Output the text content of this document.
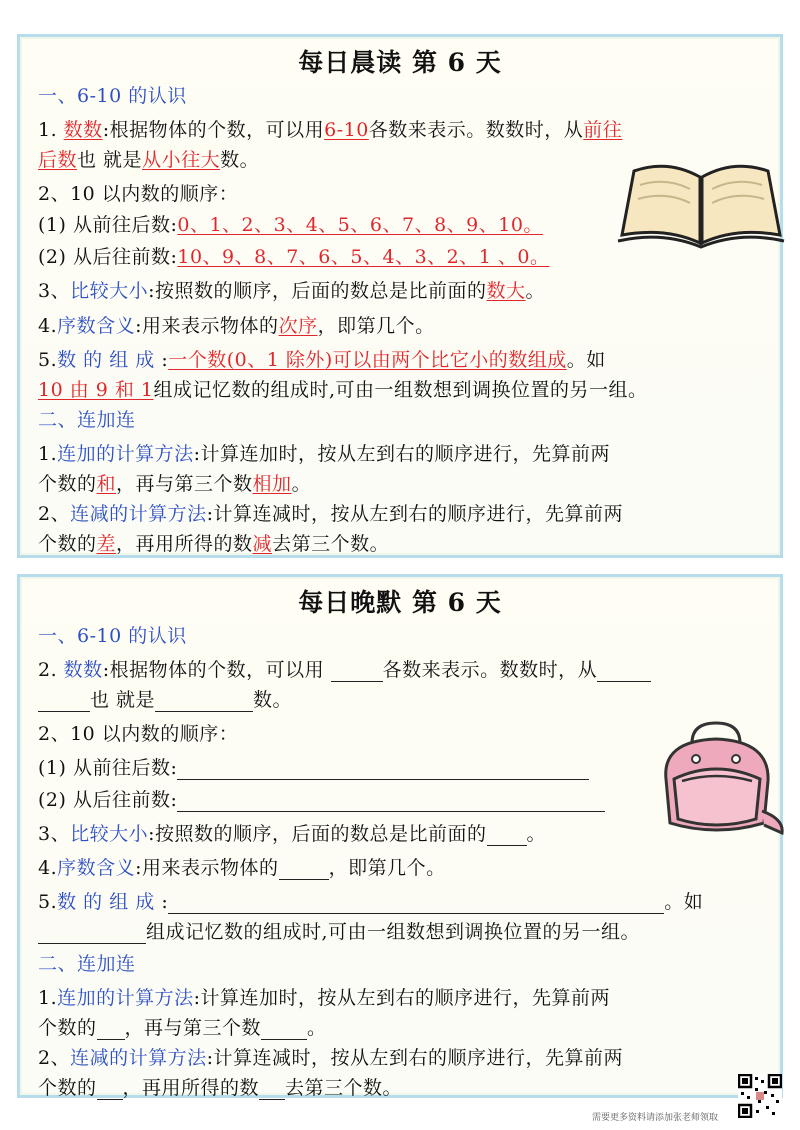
每日晨读 第 6 天
一、6-10 的认识
1. 数数:根据物体的个数，可以用6-10各数来表示。数数时，从前往
后数也 就是从小往大数。
2、10 以内数的顺序：
(1) 从前往后数:0、1、2、3、4、5、6、7、8、9、10。
(2) 从后往前数:10、9、8、7、6、5、4、3、2、1 、0。
3、比较大小:按照数的顺序，后面的数总是比前面的数大。
4.序数含义:用来表示物体的次序，即第几个。
5.数 的 组 成 :一个数(0、1 除外)可以由两个比它小的数组成。如
10 由 9 和 1组成记忆数的组成时,可由一组数想到调换位置的另一组。
二、连加连
1.连加的计算方法:计算连加时，按从左到右的顺序进行，先算前两
个数的和，再与第三个数相加。
2、连减的计算方法:计算连减时，按从左到右的顺序进行，先算前两
个数的差，再用所得的数减去第三个数。
每日晚默 第 6 天
一、6-10 的认识
2. 数数:根据物体的个数，可以用	各数来表示。数数时，从
也 就是	数。
2、10 以内数的顺序：
(1) 从前往后数:
(2) 从后往前数:
3、比较大小:按照数的顺序，后面的数总是比前面的 。
4.序数含义:用来表示物体的	，即第几个。
5.数 的 组 成 :	。如
组成记忆数的组成时,可由一组数想到调换位置的另一组。
二、连加连
1.连加的计算方法:计算连加时，按从左到右的顺序进行，先算前两
个数的 ，再与第三个数 。
2、连减的计算方法:计算连减时，按从左到右的顺序进行，先算前两
个数的 ，再用所得的数 去第三个数。
需要更多资料请添加张老师领取
